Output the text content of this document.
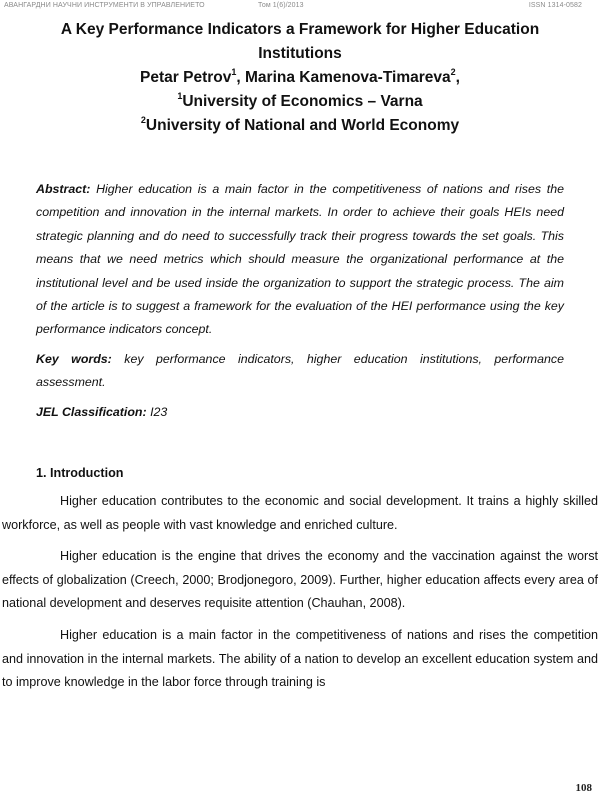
АВАНГАРДНИ НАУЧНИ ИНСТРУМЕНТИ В УПРАВЛЕНИЕТО	Том 1(6)/2013	ISSN 1314-0582
A Key Performance Indicators a Framework for Higher Education
Institutions
Petar Petrov$^1$, Marina Kamenova-Timareva$^2$,
$^1$University of Economics – Varna
$^2$University of National and World Economy

Abstract: Higher education is a main factor in the competitiveness of nations and rises the competition and innovation in the internal markets. In order to achieve their goals HEIs need strategic planning and do need to successfully track their progress towards the set goals. This means that we need metrics which should measure the organizational performance at the institutional level and be used inside the organization to support the strategic process. The aim of the article is to suggest a framework for the evaluation of the HEI performance using the key performance indicators concept.

Key words: key performance indicators, higher education institutions, performance assessment.

JEL Classification: I23

1. Introduction

Higher education contributes to the economic and social development. It trains a highly skilled workforce, as well as people with vast knowledge and enriched culture.

Higher education is the engine that drives the economy and the vaccination against the worst effects of globalization (Creech, 2000; Brodjonegoro, 2009). Further, higher education affects every area of national development and deserves requisite attention (Chauhan, 2008).

Higher education is a main factor in the competitiveness of nations and rises the competition and innovation in the internal markets. The ability of a nation to develop an excellent education system and to improve knowledge in the labor force through training is

108
